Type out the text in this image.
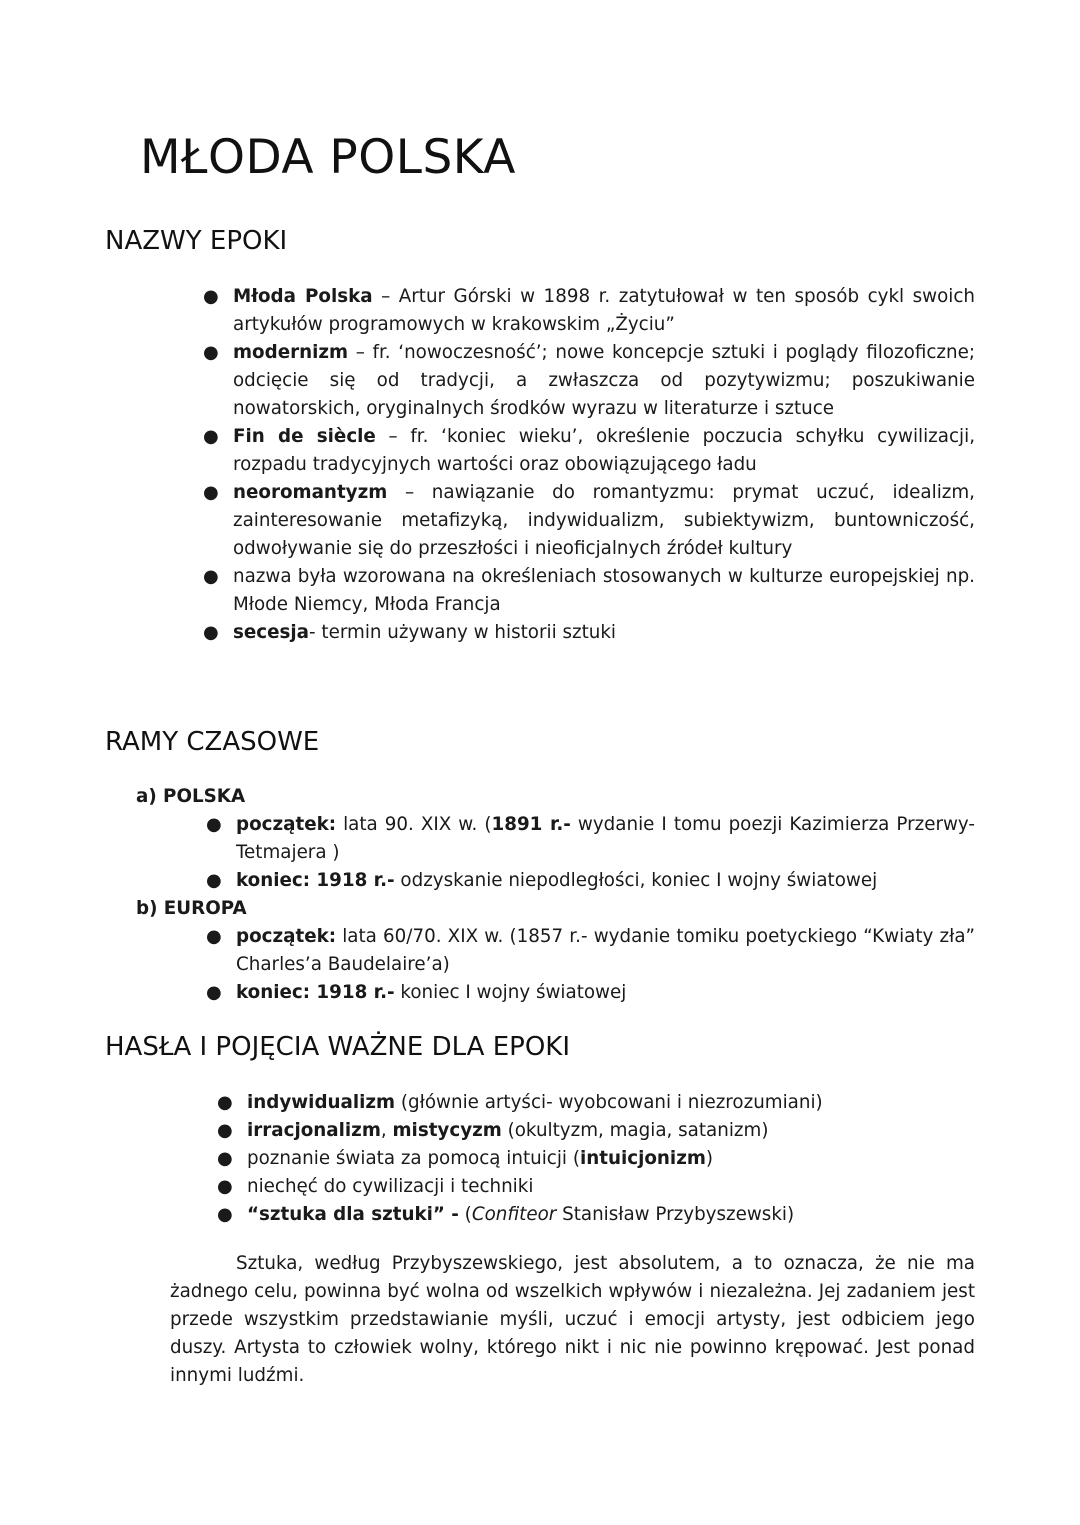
MŁODA POLSKA
NAZWY EPOKI
● Młoda Polska – Artur Górski w 1898 r. zatytułował w ten sposób cykl swoich artykułów programowych w krakowskim „Życiu”
● modernizm – fr. ‘nowoczesność’; nowe koncepcje sztuki i poglądy filozoficzne; odcięcie się od tradycji, a zwłaszcza od pozytywizmu; poszukiwanie nowatorskich, oryginalnych środków wyrazu w literaturze i sztuce
● Fin de siècle – fr. ‘koniec wieku’, określenie poczucia schyłku cywilizacji, rozpadu tradycyjnych wartości oraz obowiązującego ładu
● neoromantyzm – nawiązanie do romantyzmu: prymat uczuć, idealizm, zainteresowanie metafizyką, indywidualizm, subiektywizm, buntowniczość, odwoływanie się do przeszłości i nieoficjalnych źródeł kultury
● nazwa była wzorowana na określeniach stosowanych w kulturze europejskiej np. Młode Niemcy, Młoda Francja
● secesja- termin używany w historii sztuki
RAMY CZASOWE
a) POLSKA
● początek: lata 90. XIX w. (1891 r.- wydanie I tomu poezji Kazimierza Przerwy- Tetmajera )
● koniec: 1918 r.- odzyskanie niepodległości, koniec I wojny światowej
b) EUROPA
● początek: lata 60/70. XIX w. (1857 r.- wydanie tomiku poetyckiego “Kwiaty zła” Charles’a Baudelaire’a)
● koniec: 1918 r.- koniec I wojny światowej
HASŁA I POJĘCIA WAŻNE DLA EPOKI
● indywidualizm (głównie artyści- wyobcowani i niezrozumiani)
● irracjonalizm, mistycyzm (okultyzm, magia, satanizm)
● poznanie świata za pomocą intuicji (intuicjonizm)
● niechęć do cywilizacji i techniki
● “sztuka dla sztuki” - (Confiteor Stanisław Przybyszewski)

Sztuka, według Przybyszewskiego, jest absolutem, a to oznacza, że nie ma żadnego celu, powinna być wolna od wszelkich wpływów i niezależna. Jej zadaniem jest przede wszystkim przedstawianie myśli, uczuć i emocji artysty, jest odbiciem jego duszy. Artysta to człowiek wolny, którego nikt i nic nie powinno krępować. Jest ponad innymi ludźmi.
